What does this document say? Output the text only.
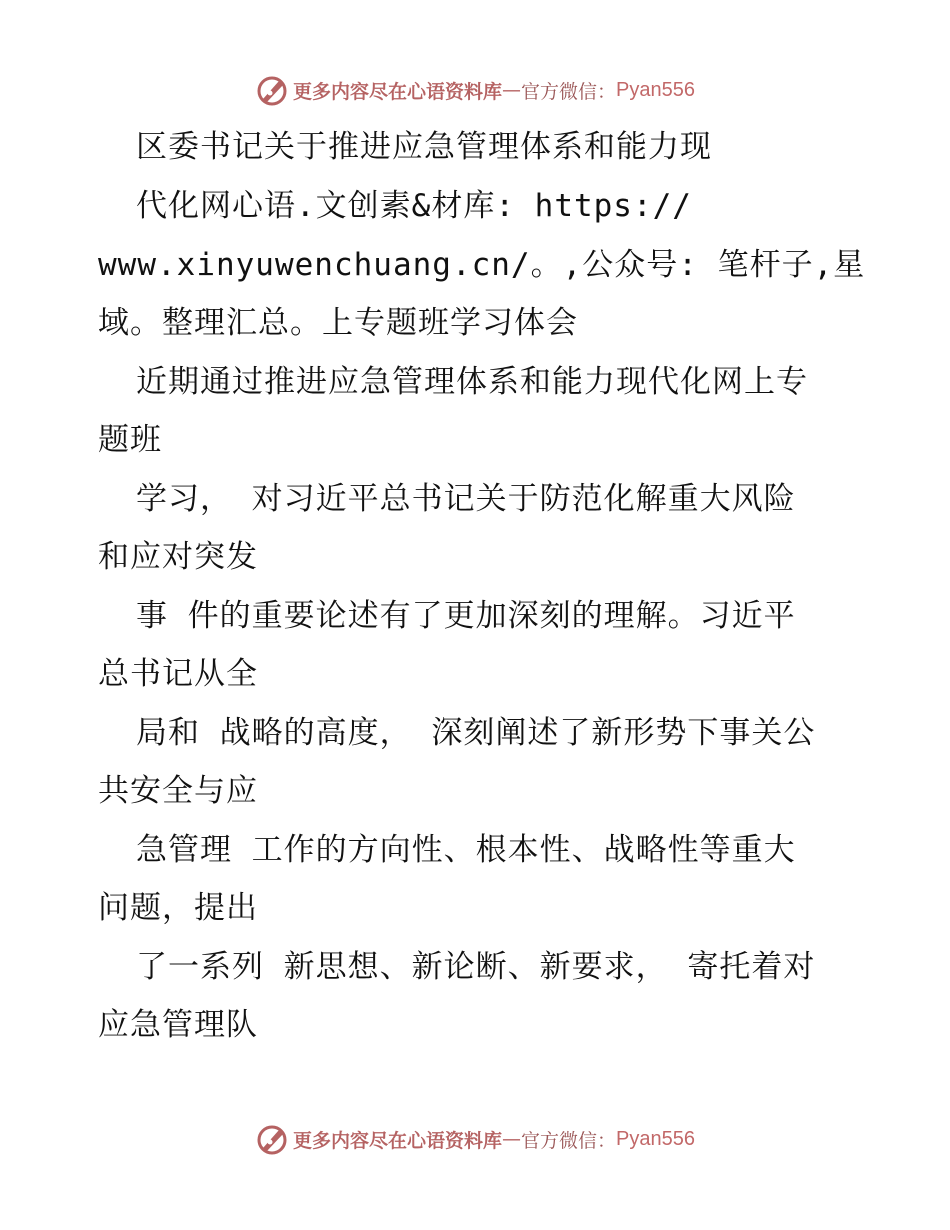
更多内容尽在心语资料库 — 官方微信： Pyan556
区委书记关于推进应急管理体系和能力现
代化网心语.文创素&材库: https://
www.xinyuwenchuang.cn/。,公众号: 笔杆子,星
域。整理汇总。上专题班学习体会
近期通过推进应急管理体系和能力现代化网上专
题班
学习， 对习近平总书记关于防范化解重大风险
和应对突发
事 件的重要论述有了更加深刻的理解。习近平
总书记从全
局和 战略的高度， 深刻阐述了新形势下事关公
共安全与应
急管理 工作的方向性、根本性、战略性等重大
问题，提出
了一系列 新思想、新论断、新要求， 寄托着对
应急管理队
更多内容尽在心语资料库 — 官方微信： Pyan556
